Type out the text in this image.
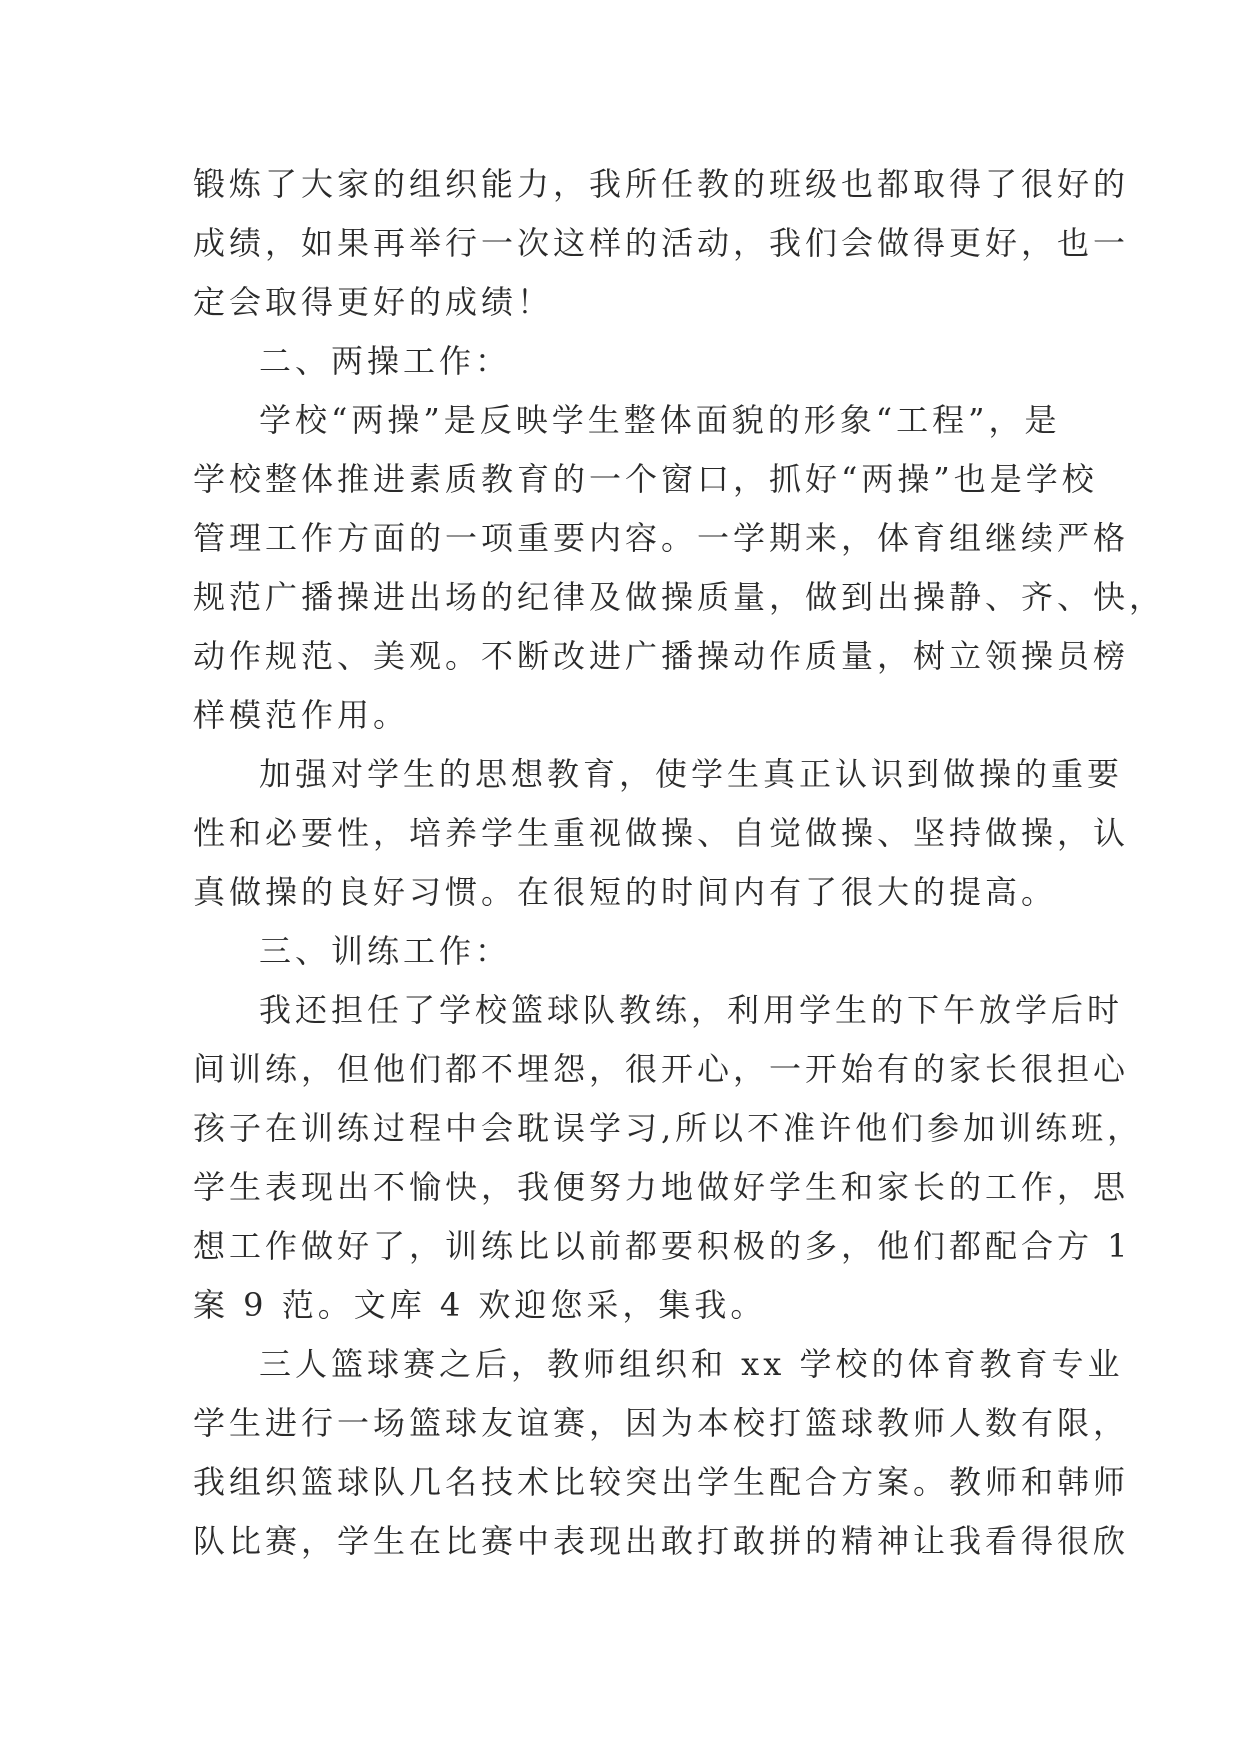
锻炼了大家的组织能力，我所任教的班级也都取得了很好的
成绩，如果再举行一次这样的活动，我们会做得更好，也一
定会取得更好的成绩！
二、两操工作：
学校“两操”是反映学生整体面貌的形象“工程”，是
学校整体推进素质教育的一个窗口，抓好“两操”也是学校
管理工作方面的一项重要内容。一学期来，体育组继续严格
规范广播操进出场的纪律及做操质量，做到出操静、齐、快，
动作规范、美观。不断改进广播操动作质量，树立领操员榜
样模范作用。
加强对学生的思想教育，使学生真正认识到做操的重要
性和必要性，培养学生重视做操、自觉做操、坚持做操，认
真做操的良好习惯。在很短的时间内有了很大的提高。
三、训练工作：
我还担任了学校篮球队教练，利用学生的下午放学后时
间训练，但他们都不埋怨，很开心，一开始有的家长很担心
孩子在训练过程中会耽误学习,所以不准许他们参加训练班，
学生表现出不愉快，我便努力地做好学生和家长的工作，思
想工作做好了，训练比以前都要积极的多，他们都配合方 1
案 9 范。文库 4 欢迎您采，集我。
三人篮球赛之后，教师组织和 xx 学校的体育教育专业
学生进行一场篮球友谊赛，因为本校打篮球教师人数有限，
我组织篮球队几名技术比较突出学生配合方案。教师和韩师
队比赛，学生在比赛中表现出敢打敢拼的精神让我看得很欣
